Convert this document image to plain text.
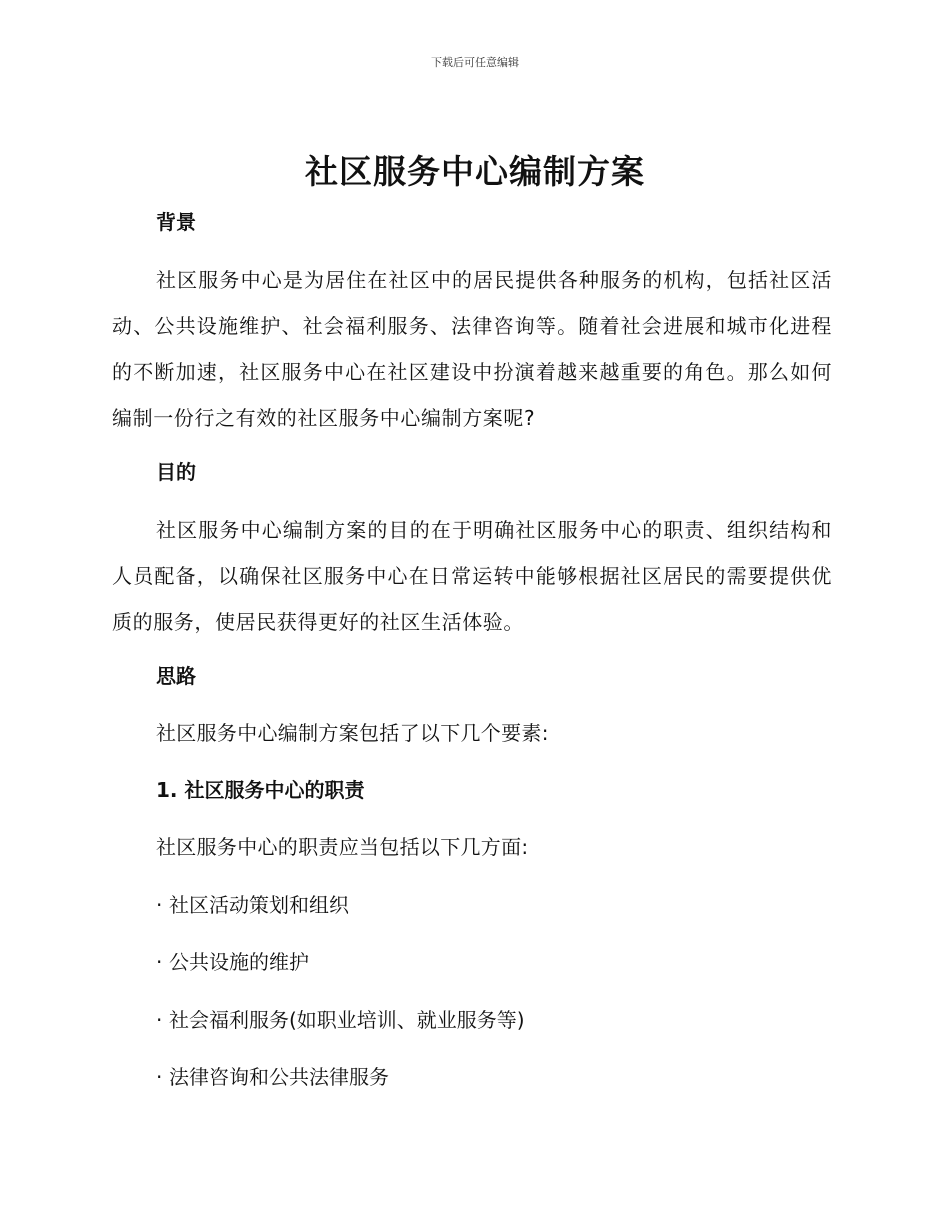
下载后可任意编辑
社区服务中心编制方案
背景

社区服务中心是为居住在社区中的居民提供各种服务的机构，包括社区活动、公共设施维护、社会福利服务、法律咨询等。随着社会进展和城市化进程的不断加速，社区服务中心在社区建设中扮演着越来越重要的角色。那么如何编制一份行之有效的社区服务中心编制方案呢?

目的

社区服务中心编制方案的目的在于明确社区服务中心的职责、组织结构和人员配备，以确保社区服务中心在日常运转中能够根据社区居民的需要提供优质的服务，使居民获得更好的社区生活体验。

思路

社区服务中心编制方案包括了以下几个要素:

1. 社区服务中心的职责

社区服务中心的职责应当包括以下几方面:

· 社区活动策划和组织
· 公共设施的维护
· 社会福利服务(如职业培训、就业服务等)
· 法律咨询和公共法律服务
